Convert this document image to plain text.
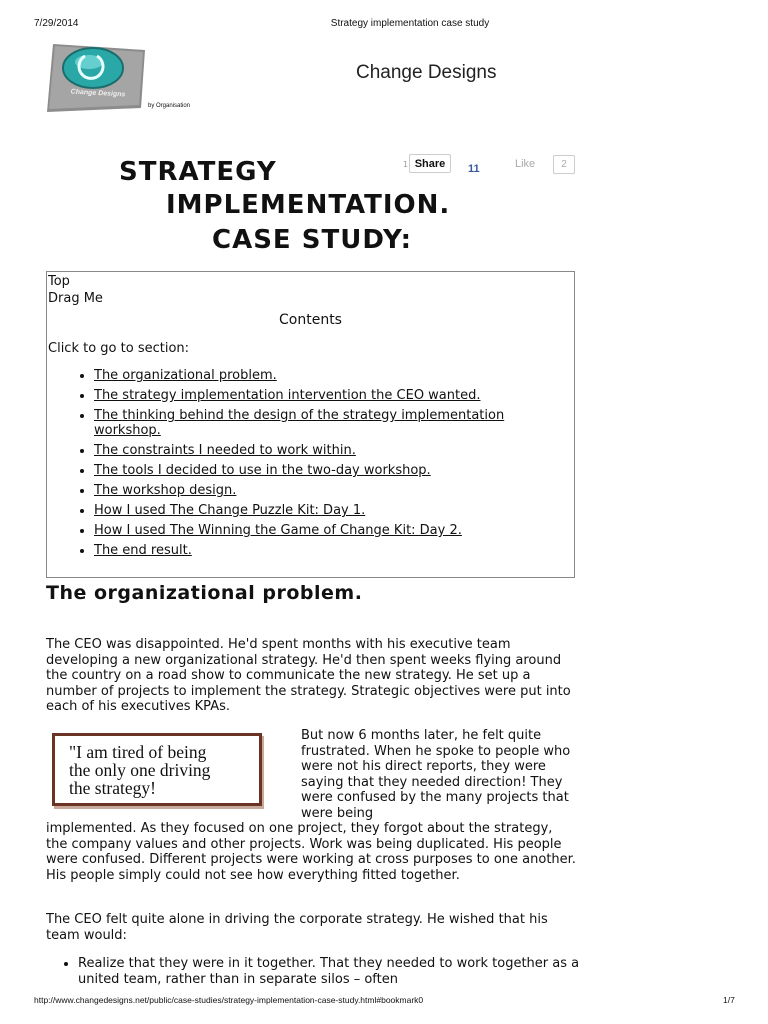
7/29/2014	Strategy implementation case study
Change Designs
by Organisation
Change Designs
STRATEGY
IMPLEMENTATION.
CASE STUDY:
1 Share	11	Like	2
Top
Drag Me
Contents
Click to go to section:
• The organizational problem.
• The strategy implementation intervention the CEO wanted.
• The thinking behind the design of the strategy implementation workshop.
• The constraints I needed to work within.
• The tools I decided to use in the two-day workshop.
• The workshop design.
• How I used The Change Puzzle Kit: Day 1.
• How I used The Winning the Game of Change Kit: Day 2.
• The end result.
The organizational problem.
The CEO was disappointed. He'd spent months with his executive team developing a new organizational strategy. He'd then spent weeks flying around the country on a road show to communicate the new strategy. He set up a number of projects to implement the strategy. Strategic objectives were put into each of his executives KPAs.
"I am tired of being
the only one driving
the strategy!
But now 6 months later, he felt quite frustrated. When he spoke to people who were not his direct reports, they were saying that they needed direction! They were confused by the many projects that were being
implemented. As they focused on one project, they forgot about the strategy, the company values and other projects. Work was being duplicated. His people were confused. Different projects were working at cross purposes to one another. His people simply could not see how everything fitted together.
The CEO felt quite alone in driving the corporate strategy. He wished that his team would:
• Realize that they were in it together. That they needed to work together as a united team, rather than in separate silos – often
http://www.changedesigns.net/public/case-studies/strategy-implementation-case-study.html#bookmark0	1/7
